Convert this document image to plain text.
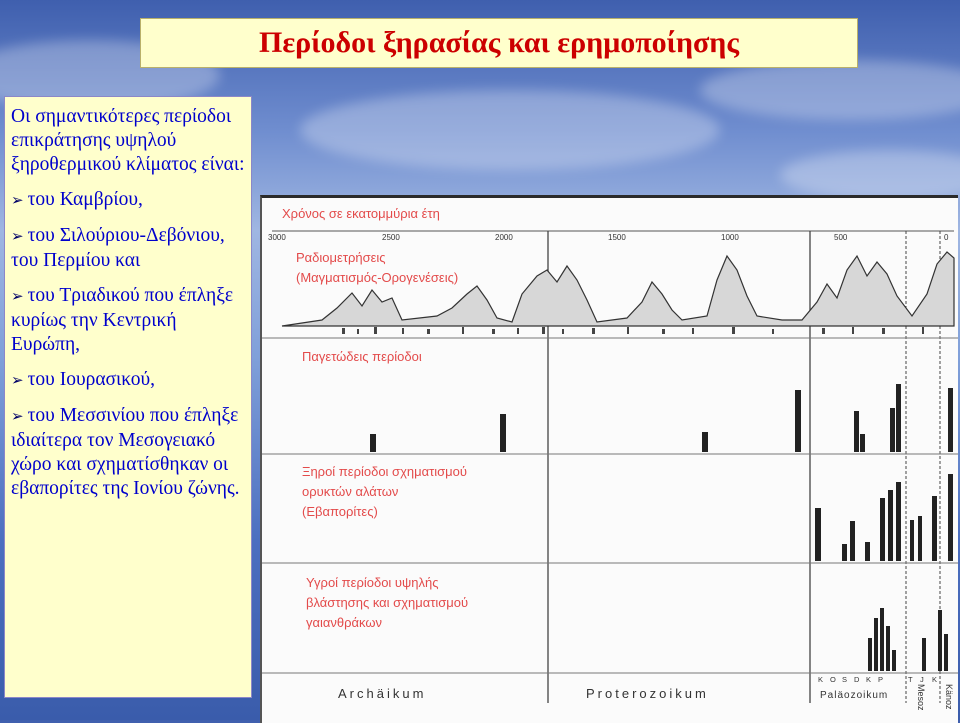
Περίοδοι ξηρασίας και ερημοποίησης

Οι σημαντικότερες περίοδοι επικράτησης υψηλού ξηροθερμικού κλίματος είναι:

➢ του Καμβρίου,

➢ του Σιλούριου-Δεβόνιου, του Περμίου και

➢ του Τριαδικού που έπληξε κυρίως την Κεντρική Ευρώπη,

➢ του Ιουρασικού,

➢ του Μεσσινίου που έπληξε ιδιαίτερα τον Μεσογειακό χώρο και σχηματίσθηκαν οι εβαπορίτες της Ιονίου ζώνης.

Χρόνος σε εκατομμύρια έτη
3000	2500	2000	1500	1000	500	0
Ραδιομετρήσεις
(Μαγματισμός-Ορογενέσεις)
Παγετώδεις περίοδοι
Ξηροί περίοδοι σχηματισμού
ορυκτών αλάτων
(Εβαπορίτες)
Υγροί περίοδοι υψηλής
βλάστησης και σχηματισμού
γαιανθράκων
K O S D K P	T J K
Archäikum	Proterozoikum	Paläozoikum	Mesoz Känoz
